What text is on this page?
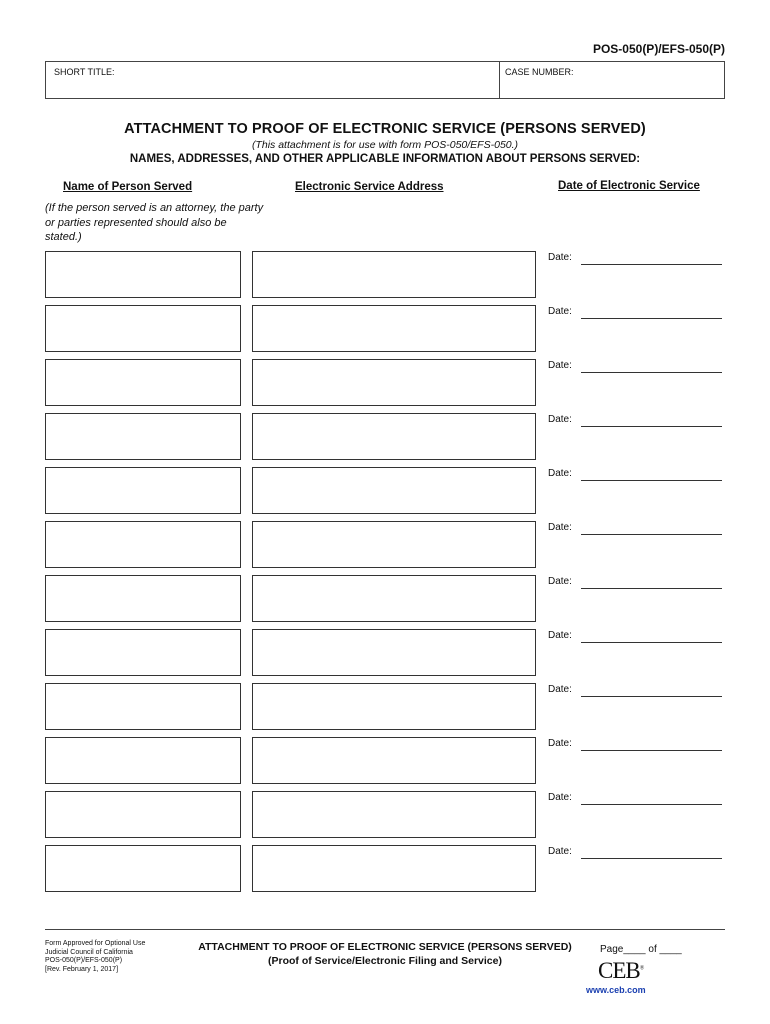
POS-050(P)/EFS-050(P)
SHORT TITLE:	CASE NUMBER:
ATTACHMENT TO PROOF OF ELECTRONIC SERVICE (PERSONS SERVED)
(This attachment is for use with form POS-050/EFS-050.)
NAMES, ADDRESSES, AND OTHER APPLICABLE INFORMATION ABOUT PERSONS SERVED:
Name of Person Served	Electronic Service Address	Date of Electronic Service
(If the person served is an attorney, the party or parties represented should also be stated.)
Date:
Date:
Date:
Date:
Date:
Date:
Date:
Date:
Date:
Date:
Date:
Date:
Form Approved for Optional Use
Judicial Council of California
POS-050(P)/EFS-050(P)
[Rev. February 1, 2017]
ATTACHMENT TO PROOF OF ELECTRONIC SERVICE (PERSONS SERVED)
(Proof of Service/Electronic Filing and Service)
Page____ of ____
CEB®
www.ceb.com
